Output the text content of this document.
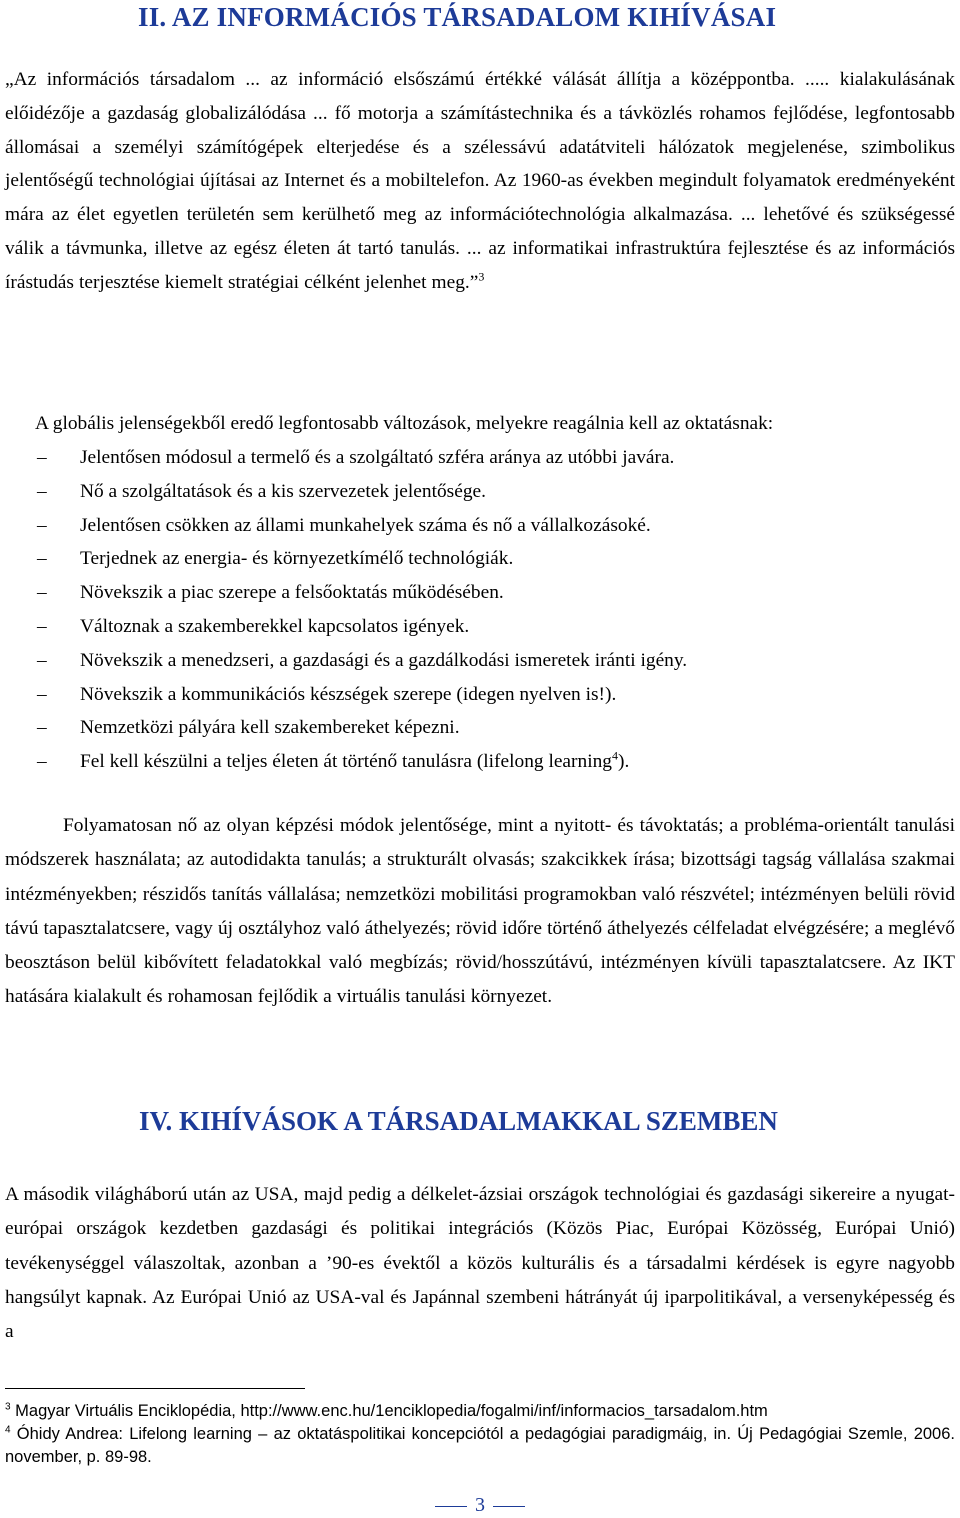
II. AZ INFORMÁCIÓS TÁRSADALOM KIHÍVÁSAI

„Az információs társadalom ... az információ elsőszámú értékké válását állítja a középpontba. ..... kialakulásának előidézője a gazdaság globalizálódása ... fő motorja a számítástechnika és a távközlés rohamos fejlődése, legfontosabb állomásai a személyi számítógépek elterjedése és a szélessávú adatátviteli hálózatok megjelenése, szimbolikus jelentőségű technológiai újításai az Internet és a mobiltelefon. Az 1960-as években megindult folyamatok eredményeként mára az élet egyetlen területén sem kerülhető meg az információtechnológia alkalmazása. ... lehetővé és szükségessé válik a távmunka, illetve az egész életen át tartó tanulás. ... az informatikai infrastruktúra fejlesztése és az információs írástudás terjesztése kiemelt stratégiai célként jelenhet meg.”$^3$

A globális jelenségekből eredő legfontosabb változások, melyekre reagálnia kell az oktatásnak:

– Jelentősen módosul a termelő és a szolgáltató szféra aránya az utóbbi javára.
– Nő a szolgáltatások és a kis szervezetek jelentősége.
– Jelentősen csökken az állami munkahelyek száma és nő a vállalkozásoké.
– Terjednek az energia- és környezetkímélő technológiák.
– Növekszik a piac szerepe a felsőoktatás működésében.
– Változnak a szakemberekkel kapcsolatos igények.
– Növekszik a menedzseri, a gazdasági és a gazdálkodási ismeretek iránti igény.
– Növekszik a kommunikációs készségek szerepe (idegen nyelven is!).
– Nemzetközi pályára kell szakembereket képezni.
– Fel kell készülni a teljes életen át történő tanulásra (lifelong learning$^4$).

Folyamatosan nő az olyan képzési módok jelentősége, mint a nyitott- és távoktatás; a probléma-orientált tanulási módszerek használata; az autodidakta tanulás; a strukturált olvasás; szakcikkek írása; bizottsági tagság vállalása szakmai intézményekben; részidős tanítás vállalása; nemzetközi mobilitási programokban való részvétel; intézményen belüli rövid távú tapasztalatcsere, vagy új osztályhoz való áthelyezés; rövid időre történő áthelyezés célfeladat elvégzésére; a meglévő beosztáson belül kibővített feladatokkal való megbízás; rövid/hosszútávú, intézményen kívüli tapasztalatcsere. Az IKT hatására kialakult és rohamosan fejlődik a virtuális tanulási környezet.

IV. KIHÍVÁSOK A TÁRSADALMAKKAL SZEMBEN

A második világháború után az USA, majd pedig a délkelet-ázsiai országok technológiai és gazdasági sikereire a nyugat-európai országok kezdetben gazdasági és politikai integrációs (Közös Piac, Európai Közösség, Európai Unió) tevékenységgel válaszoltak, azonban a ’90-es évektől a közös kulturális és a társadalmi kérdések is egyre nagyobb hangsúlyt kapnak. Az Európai Unió az USA-val és Japánnal szembeni hátrányát új iparpolitikával, a versenyképesség és a

$^3$ Magyar Virtuális Enciklopédia, http://www.enc.hu/1enciklopedia/fogalmi/inf/informacios_tarsadalom.htm

$^4$ Óhidy Andrea: Lifelong learning – az oktatáspolitikai koncepciótól a pedagógiai paradigmáig, in. Új Pedagógiai Szemle, 2006. november, p. 89-98.

3
